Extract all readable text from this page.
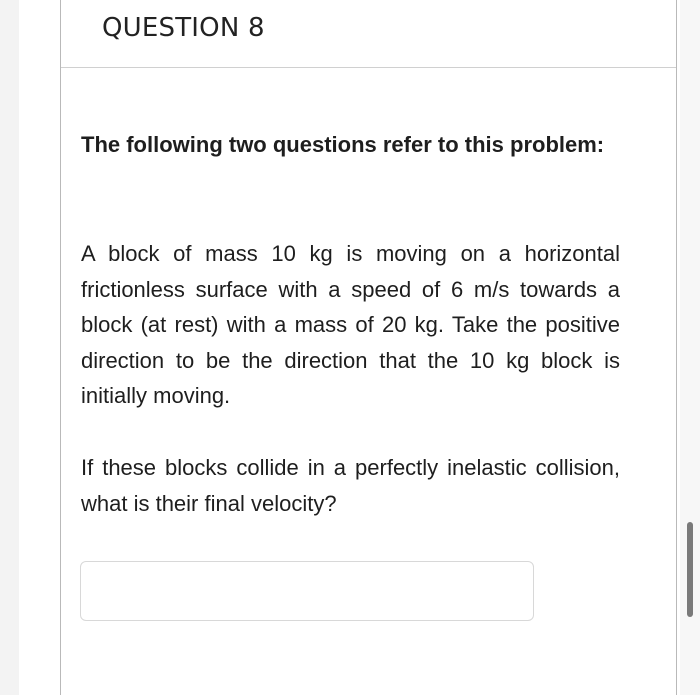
QUESTION 8

The following two questions refer to this problem:

A block of mass 10 kg is moving on a horizontal frictionless surface with a speed of 6 m/s towards a block (at rest) with a mass of 20 kg. Take the positive direction to be the direction that the 10 kg block is initially moving.

If these blocks collide in a perfectly inelastic collision, what is their final velocity?
